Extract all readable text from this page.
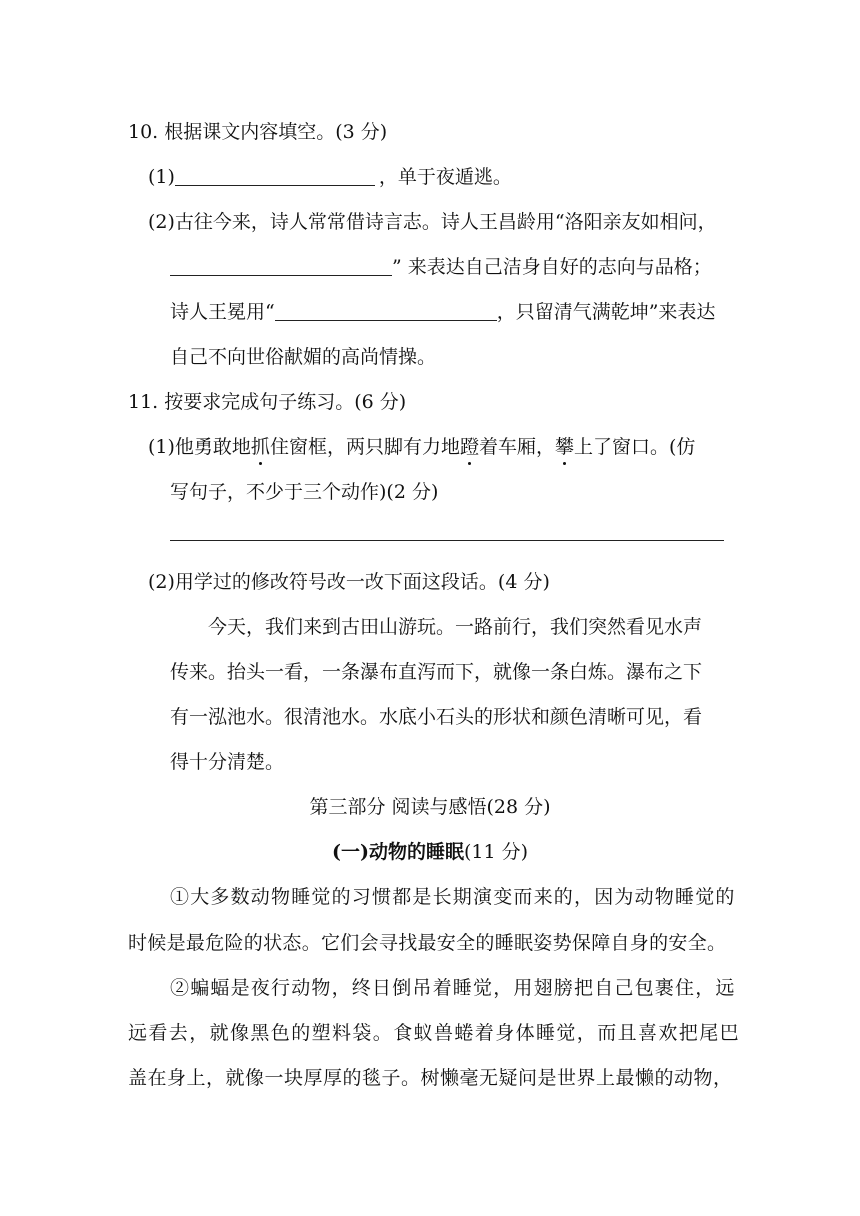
10. 根据课文内容填空。(3 分)
(1)	，单于夜遁逃。
(2)古往今来，诗人常常借诗言志。诗人王昌龄用“洛阳亲友如相问，
” 来表达自己洁身自好的志向与品格；
诗人王冕用“	，只留清气满乾坤”来表达
自己不向世俗献媚的高尚情操。
11. 按要求完成句子练习。(6 分)
(1)他勇敢地抓住窗框，两只脚有力地蹬着车厢，攀上了窗口。(仿
写句子，不少于三个动作)(2 分)
(2)用学过的修改符号改一改下面这段话。(4 分)
今天，我们来到古田山游玩。一路前行，我们突然看见水声
传来。抬头一看，一条瀑布直泻而下，就像一条白炼。瀑布之下
有一泓池水。很清池水。水底小石头的形状和颜色清晰可见，看
得十分清楚。
第三部分 阅读与感悟(28 分)
(一)动物的睡眠(11 分)
①大多数动物睡觉的习惯都是长期演变而来的，因为动物睡觉的
时候是最危险的状态。它们会寻找最安全的睡眠姿势保障自身的安全。
②蝙蝠是夜行动物，终日倒吊着睡觉，用翅膀把自己包裹住，远
远看去，就像黑色的塑料袋。食蚁兽蜷着身体睡觉，而且喜欢把尾巴
盖在身上，就像一块厚厚的毯子。树懒毫无疑问是世界上最懒的动物，
